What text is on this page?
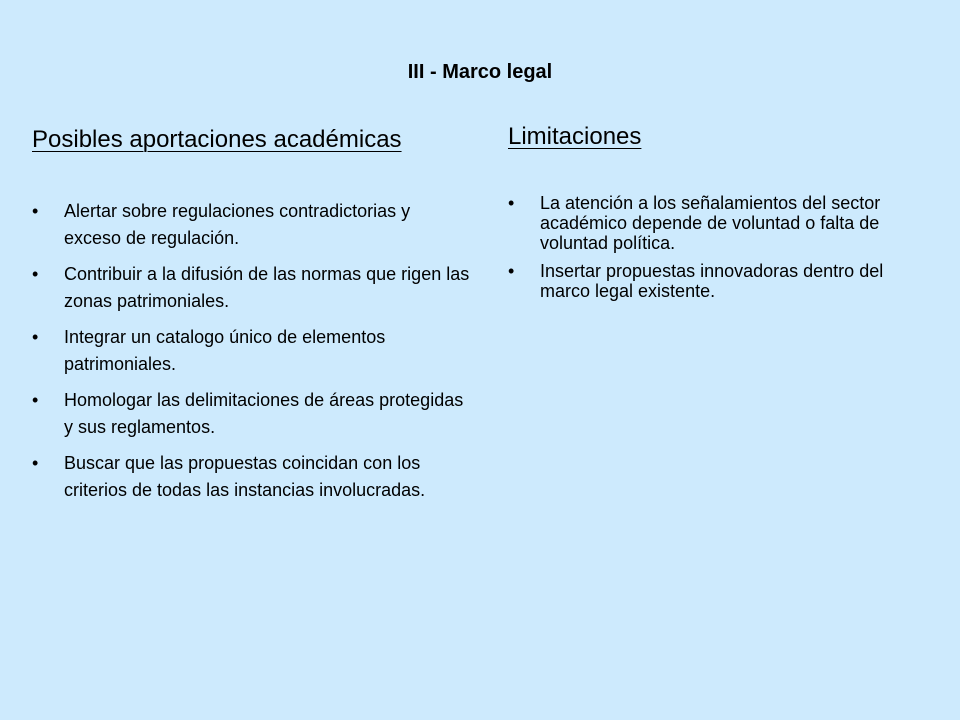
III - Marco legal
Posibles aportaciones académicas
• Alertar sobre regulaciones contradictorias y exceso de regulación.
• Contribuir a la difusión de las normas que rigen las zonas patrimoniales.
• Integrar un catalogo único de elementos patrimoniales.
• Homologar las delimitaciones de áreas protegidas y sus reglamentos.
• Buscar que las propuestas coincidan con los criterios de todas las instancias involucradas.
Limitaciones
• La atención a los señalamientos del sector académico depende de voluntad o falta de voluntad política.
• Insertar propuestas innovadoras dentro del marco legal existente.
